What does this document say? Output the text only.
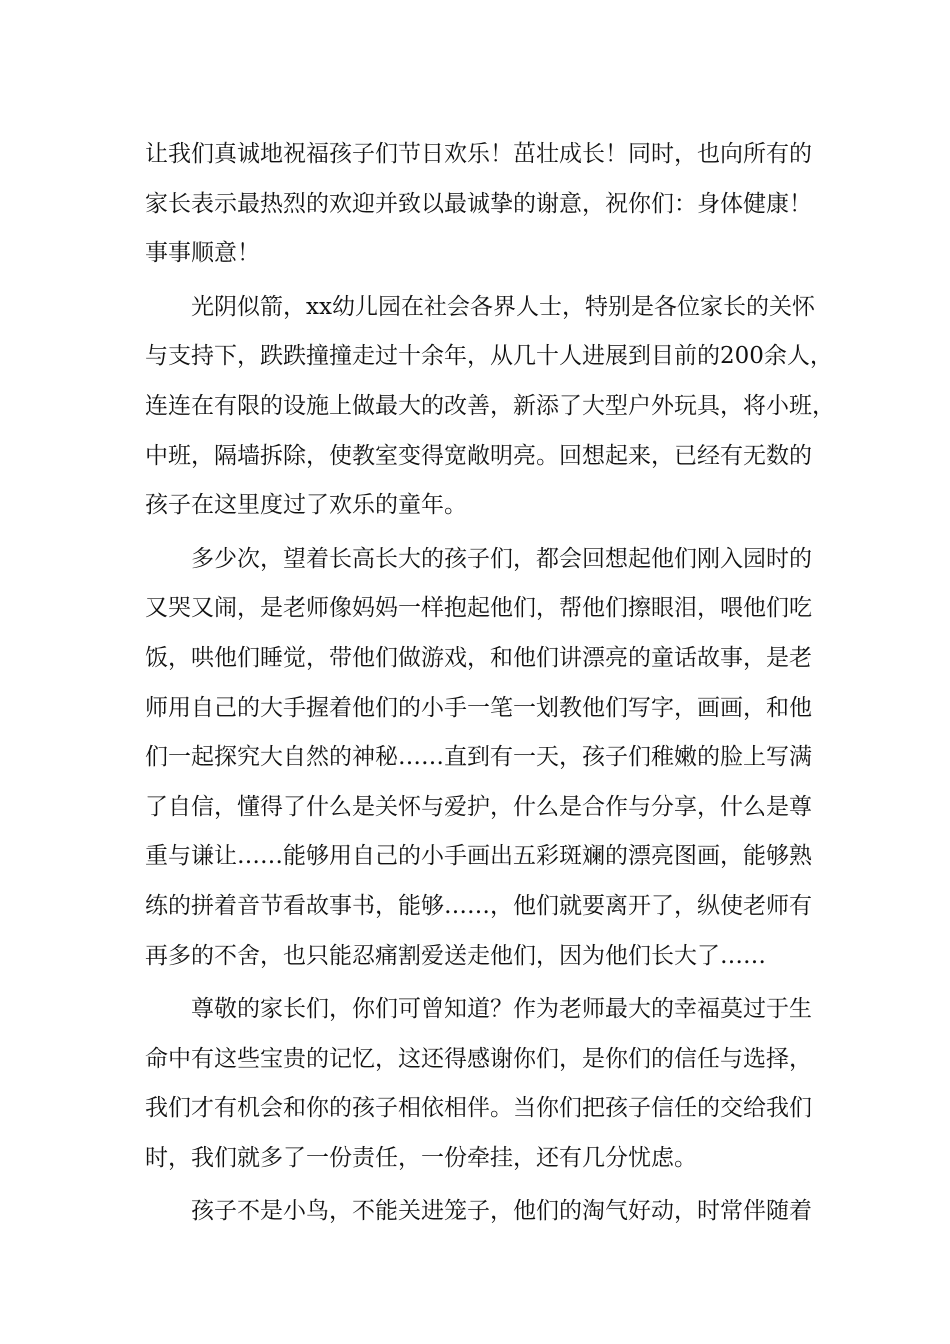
让我们真诚地祝福孩子们节日欢乐！茁壮成长！同时，也向所有的
家长表示最热烈的欢迎并致以最诚挚的谢意，祝你们：身体健康！
事事顺意！
光阴似箭，xx幼儿园在社会各界人士，特别是各位家长的关怀
与支持下，跌跌撞撞走过十余年，从几十人进展到目前的200余人，
连连在有限的设施上做最大的改善，新添了大型户外玩具，将小班，
中班，隔墙拆除，使教室变得宽敞明亮。回想起来，已经有无数的
孩子在这里度过了欢乐的童年。
多少次，望着长高长大的孩子们，都会回想起他们刚入园时的
又哭又闹，是老师像妈妈一样抱起他们，帮他们擦眼泪，喂他们吃
饭，哄他们睡觉，带他们做游戏，和他们讲漂亮的童话故事，是老
师用自己的大手握着他们的小手一笔一划教他们写字，画画，和他
们一起探究大自然的神秘……直到有一天，孩子们稚嫩的脸上写满
了自信，懂得了什么是关怀与爱护，什么是合作与分享，什么是尊
重与谦让……能够用自己的小手画出五彩斑斓的漂亮图画，能够熟
练的拼着音节看故事书，能够……，他们就要离开了，纵使老师有
再多的不舍，也只能忍痛割爱送走他们，因为他们长大了……
尊敬的家长们，你们可曾知道？作为老师最大的幸福莫过于生
命中有这些宝贵的记忆，这还得感谢你们，是你们的信任与选择，
我们才有机会和你的孩子相依相伴。当你们把孩子信任的交给我们
时，我们就多了一份责任，一份牵挂，还有几分忧虑。
孩子不是小鸟，不能关进笼子，他们的淘气好动，时常伴随着
